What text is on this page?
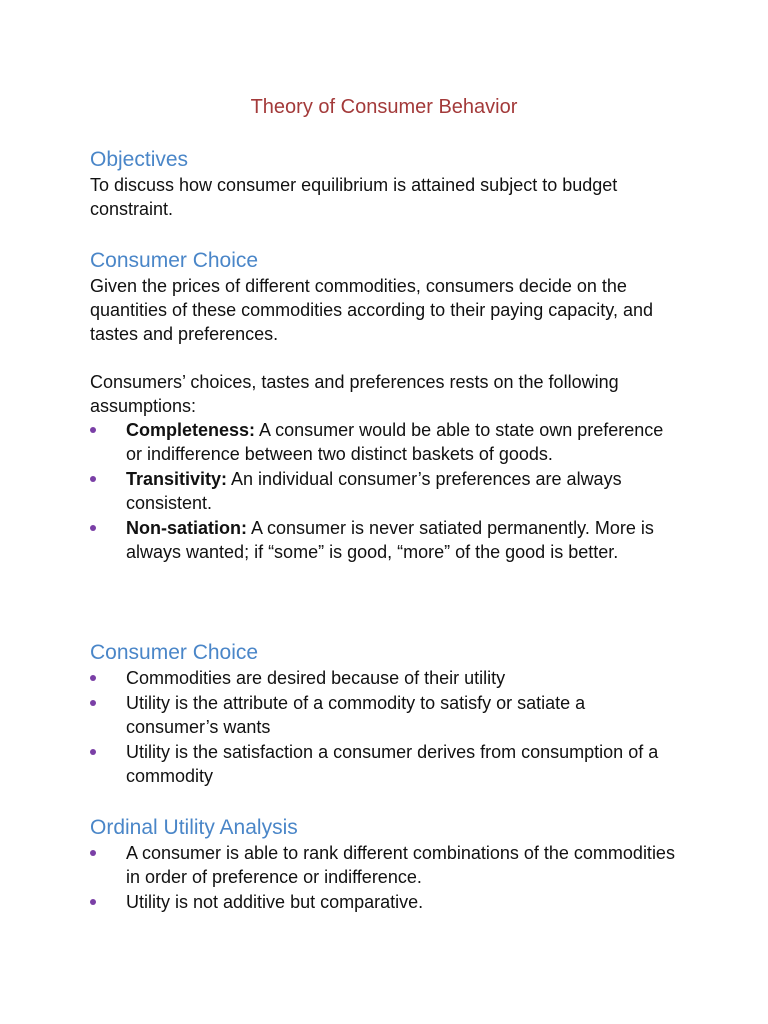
Theory of Consumer Behavior
Objectives

To discuss how consumer equilibrium is attained subject to budget constraint.

Consumer Choice

Given the prices of different commodities, consumers decide on the quantities of these commodities according to their paying capacity, and tastes and preferences.

Consumers’ choices, tastes and preferences rests on the following assumptions:

Completeness: A consumer would be able to state own preference or indifference between two distinct baskets of goods.
Transitivity: An individual consumer’s preferences are always consistent.
Non-satiation: A consumer is never satiated permanently. More is always wanted; if “some” is good, “more” of the good is better.
Consumer Choice
Commodities are desired because of their utility
Utility is the attribute of a commodity to satisfy or satiate a consumer’s wants
Utility is the satisfaction a consumer derives from consumption of a commodity
Ordinal Utility Analysis
A consumer is able to rank different combinations of the commodities in order of preference or indifference.
Utility is not additive but comparative.
